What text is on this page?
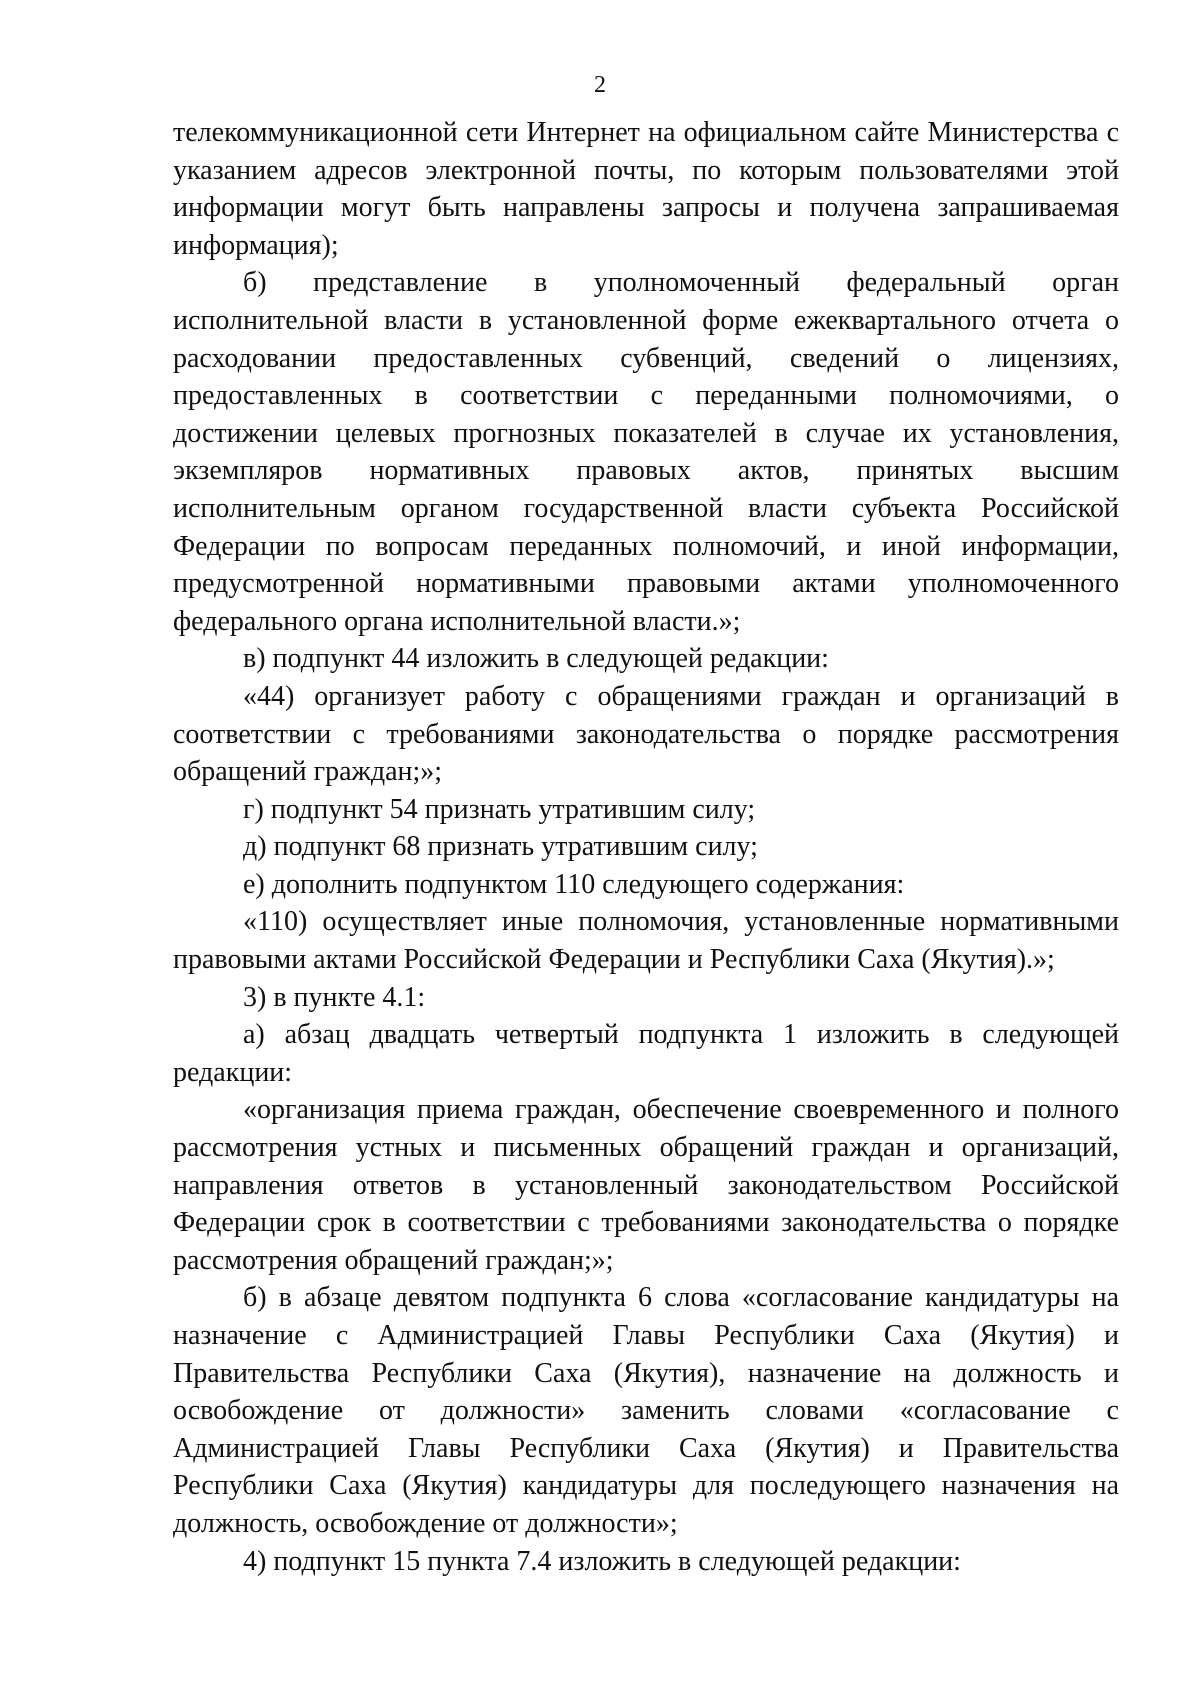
2

телекоммуникационной сети Интернет на официальном сайте Министерства с указанием адресов электронной почты, по которым пользователями этой информации могут быть направлены запросы и получена запрашиваемая информация);

б) представление в уполномоченный федеральный орган исполнительной власти в установленной форме ежеквартального отчета о расходовании предоставленных субвенций, сведений о лицензиях, предоставленных в соответствии с переданными полномочиями, о достижении целевых прогнозных показателей в случае их установления, экземпляров нормативных правовых актов, принятых высшим исполнительным органом государственной власти субъекта Российской Федерации по вопросам переданных полномочий, и иной информации, предусмотренной нормативными правовыми актами уполномоченного федерального органа исполнительной власти.»;

в) подпункт 44 изложить в следующей редакции:

«44) организует работу с обращениями граждан и организаций в соответствии с требованиями законодательства о порядке рассмотрения обращений граждан;»;

г) подпункт 54 признать утратившим силу;

д) подпункт 68 признать утратившим силу;

е) дополнить подпунктом 110 следующего содержания:

«110) осуществляет иные полномочия, установленные нормативными правовыми актами Российской Федерации и Республики Саха (Якутия).»;

3) в пункте 4.1:

а) абзац двадцать четвертый подпункта 1 изложить в следующей редакции:

«организация приема граждан, обеспечение своевременного и полного рассмотрения устных и письменных обращений граждан и организаций, направления ответов в установленный законодательством Российской Федерации срок в соответствии с требованиями законодательства о порядке рассмотрения обращений граждан;»;

б) в абзаце девятом подпункта 6 слова «согласование кандидатуры на назначение с Администрацией Главы Республики Саха (Якутия) и Правительства Республики Саха (Якутия), назначение на должность и освобождение от должности» заменить словами «согласование с Администрацией Главы Республики Саха (Якутия) и Правительства Республики Саха (Якутия) кандидатуры для последующего назначения на должность, освобождение от должности»;

4) подпункт 15 пункта 7.4 изложить в следующей редакции:
